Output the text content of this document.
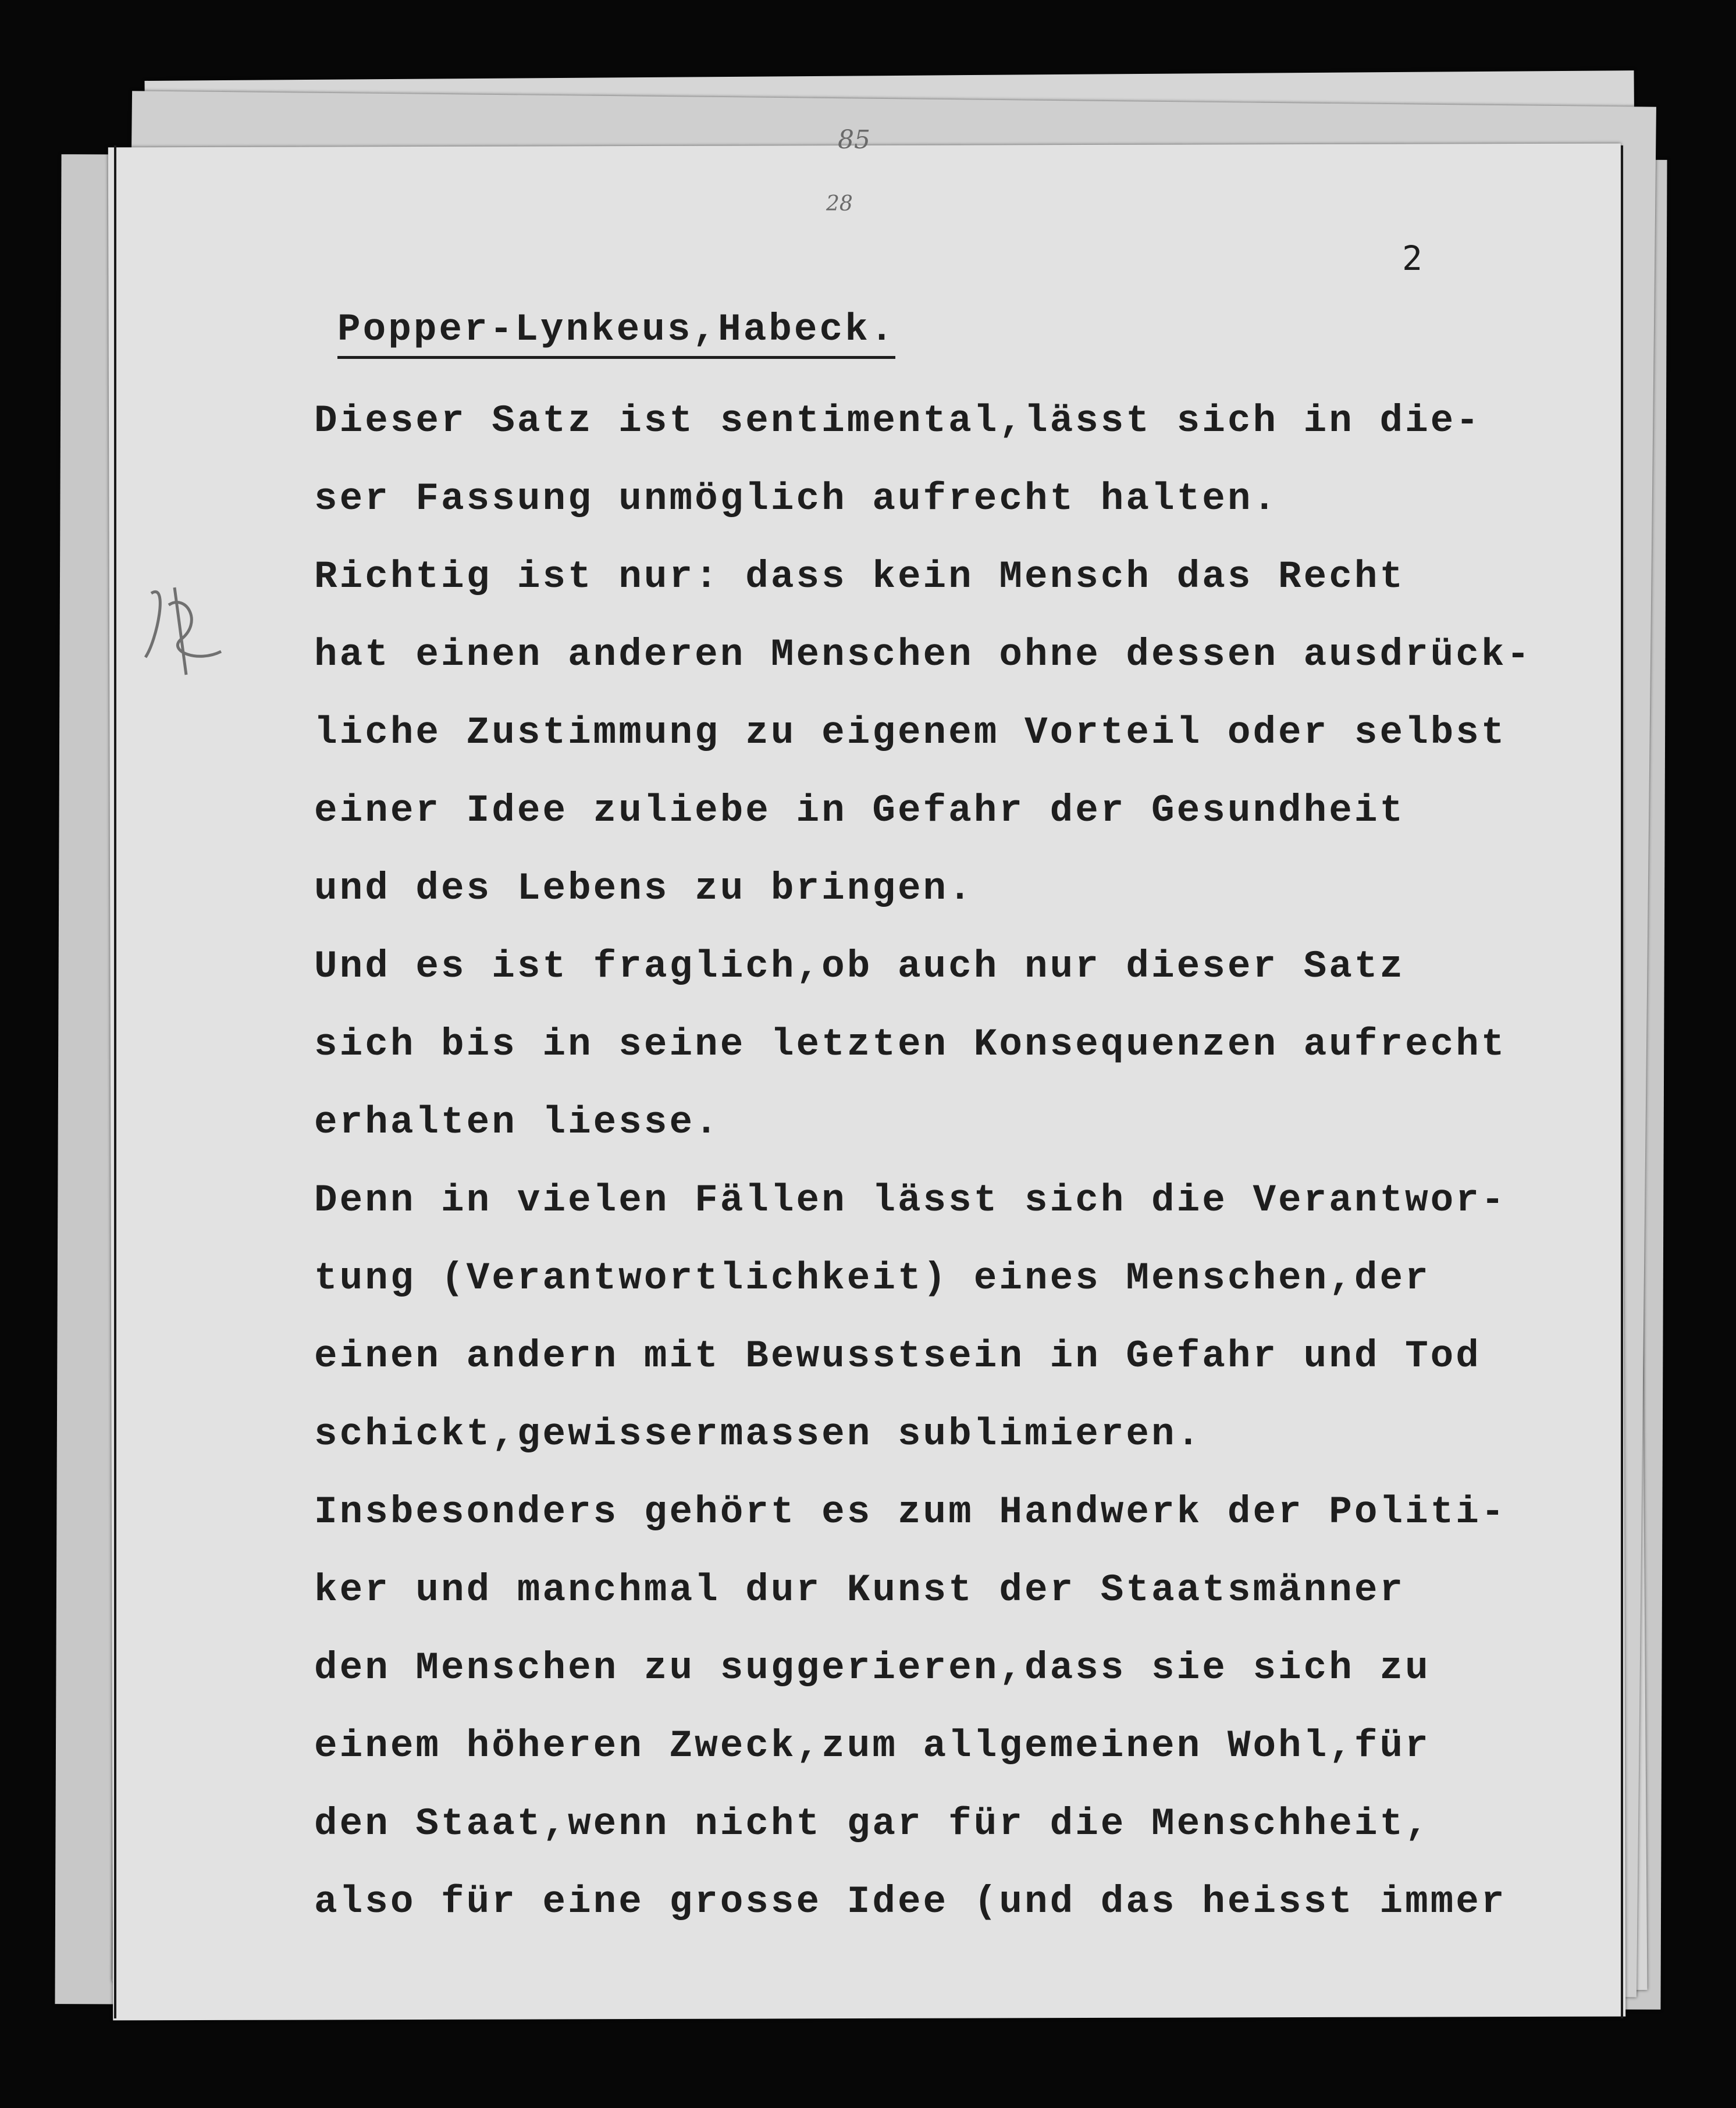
85
28
2
Popper-Lynkeus,Habeck.
Dieser Satz ist sentimental,lässt sich in die-
ser Fassung unmöglich aufrecht halten.
Richtig ist nur: dass kein Mensch das Recht
hat einen anderen Menschen ohne dessen ausdrück-
liche Zustimmung zu eigenem Vorteil oder selbst
einer Idee zuliebe in Gefahr der Gesundheit
und des Lebens zu bringen.
Und es ist fraglich,ob auch nur dieser Satz
sich bis in seine letzten Konsequenzen aufrecht
erhalten liesse.
Denn in vielen Fällen lässt sich die Verantwor-
tung (Verantwortlichkeit) eines Menschen,der
einen andern mit Bewusstsein in Gefahr und Tod
schickt,gewissermassen sublimieren.
Insbesonders gehört es zum Handwerk der Politi-
ker und manchmal dur Kunst der Staatsmänner
den Menschen zu suggerieren,dass sie sich zu
einem höheren Zweck,zum allgemeinen Wohl,für
den Staat,wenn nicht gar für die Menschheit,
also für eine grosse Idee (und das heisst immer
